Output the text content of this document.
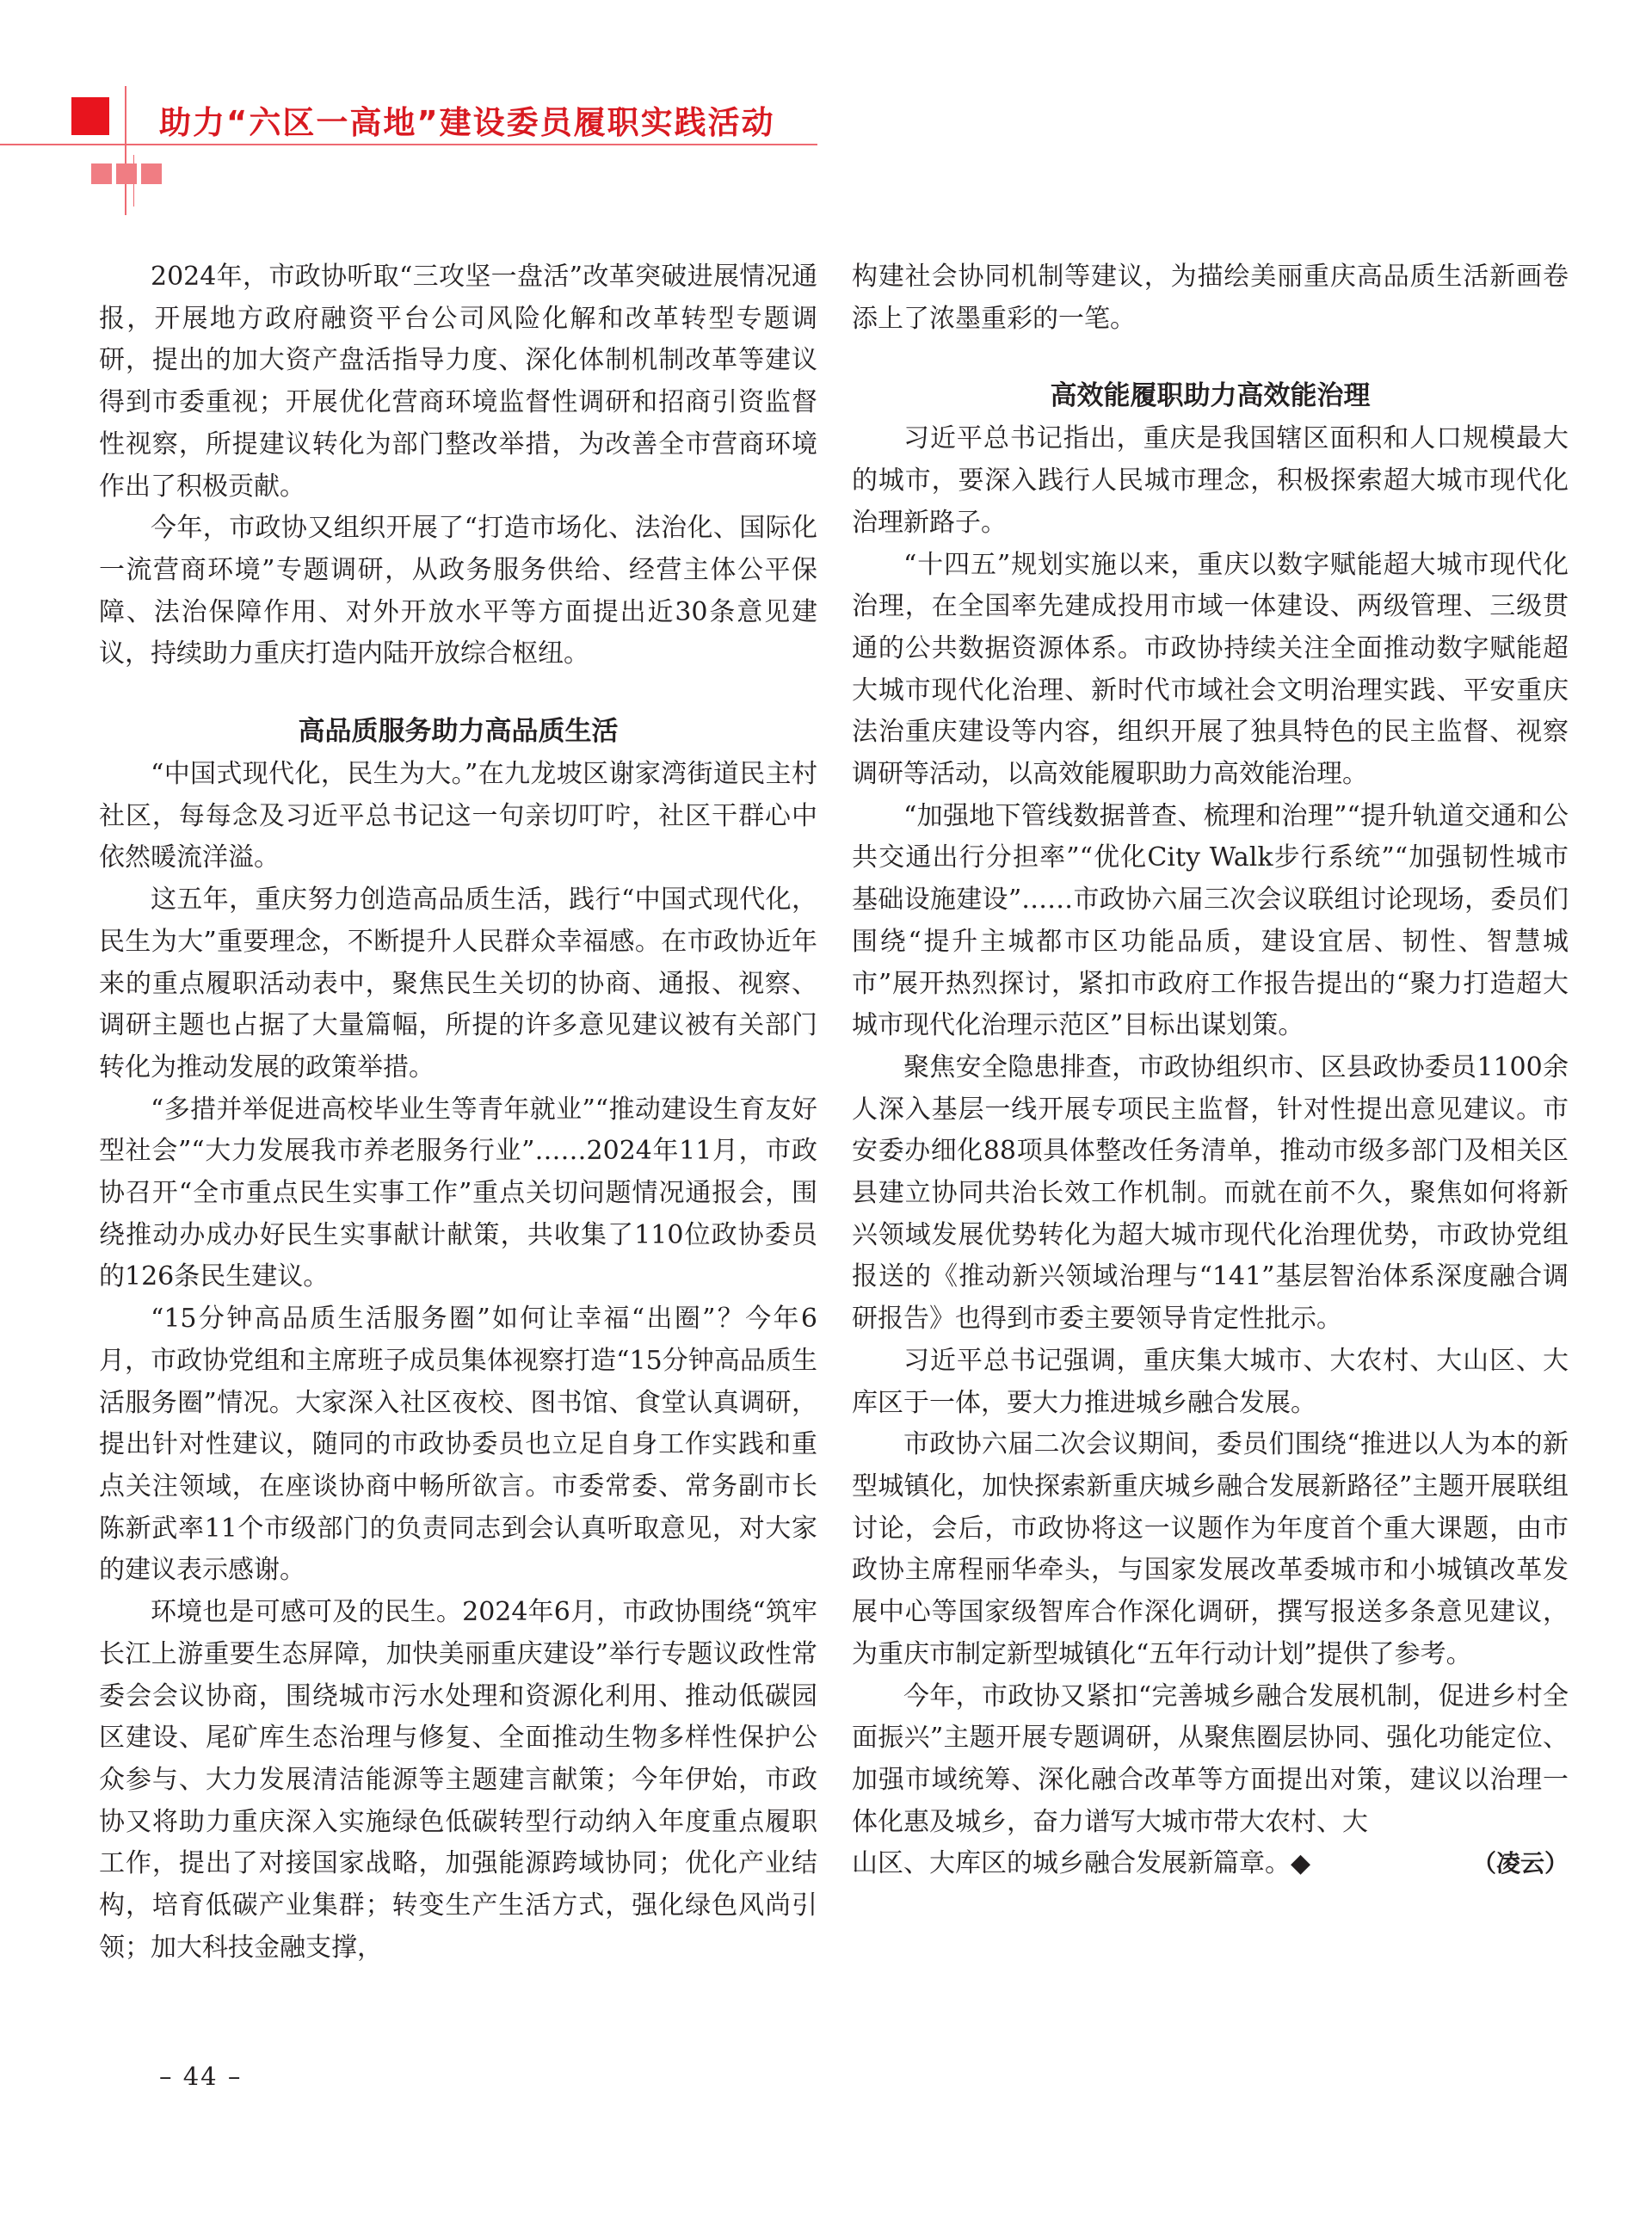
助力“六区一高地”建设委员履职实践活动

2024年，市政协听取“三攻坚一盘活”改革突破进展情况通报，开展地方政府融资平台公司风险化解和改革转型专题调研，提出的加大资产盘活指导力度、深化体制机制改革等建议得到市委重视；开展优化营商环境监督性调研和招商引资监督性视察，所提建议转化为部门整改举措，为改善全市营商环境作出了积极贡献。

今年，市政协又组织开展了“打造市场化、法治化、国际化一流营商环境”专题调研，从政务服务供给、经营主体公平保障、法治保障作用、对外开放水平等方面提出近30条意见建议，持续助力重庆打造内陆开放综合枢纽。

高品质服务助力高品质生活

“中国式现代化，民生为大。”在九龙坡区谢家湾街道民主村社区，每每念及习近平总书记这一句亲切叮咛，社区干群心中依然暖流洋溢。

这五年，重庆努力创造高品质生活，践行“中国式现代化，民生为大”重要理念，不断提升人民群众幸福感。在市政协近年来的重点履职活动表中，聚焦民生关切的协商、通报、视察、调研主题也占据了大量篇幅，所提的许多意见建议被有关部门转化为推动发展的政策举措。

“多措并举促进高校毕业生等青年就业”“推动建设生育友好型社会”“大力发展我市养老服务行业”……2024年11月，市政协召开“全市重点民生实事工作”重点关切问题情况通报会，围绕推动办成办好民生实事献计献策，共收集了110位政协委员的126条民生建议。

“15分钟高品质生活服务圈”如何让幸福“出圈”？今年6月，市政协党组和主席班子成员集体视察打造“15分钟高品质生活服务圈”情况。大家深入社区夜校、图书馆、食堂认真调研，提出针对性建议，随同的市政协委员也立足自身工作实践和重点关注领域，在座谈协商中畅所欲言。市委常委、常务副市长陈新武率11个市级部门的负责同志到会认真听取意见，对大家的建议表示感谢。

环境也是可感可及的民生。2024年6月，市政协围绕“筑牢长江上游重要生态屏障，加快美丽重庆建设”举行专题议政性常委会会议协商，围绕城市污水处理和资源化利用、推动低碳园区建设、尾矿库生态治理与修复、全面推动生物多样性保护公众参与、大力发展清洁能源等主题建言献策；今年伊始，市政协又将助力重庆深入实施绿色低碳转型行动纳入年度重点履职工作，提出了对接国家战略，加强能源跨域协同；优化产业结构，培育低碳产业集群；转变生产生活方式，强化绿色风尚引领；加大科技金融支撑，

构建社会协同机制等建议，为描绘美丽重庆高品质生活新画卷添上了浓墨重彩的一笔。

高效能履职助力高效能治理

习近平总书记指出，重庆是我国辖区面积和人口规模最大的城市，要深入践行人民城市理念，积极探索超大城市现代化治理新路子。

“十四五”规划实施以来，重庆以数字赋能超大城市现代化治理，在全国率先建成投用市域一体建设、两级管理、三级贯通的公共数据资源体系。市政协持续关注全面推动数字赋能超大城市现代化治理、新时代市域社会文明治理实践、平安重庆法治重庆建设等内容，组织开展了独具特色的民主监督、视察调研等活动，以高效能履职助力高效能治理。

“加强地下管线数据普查、梳理和治理”“提升轨道交通和公共交通出行分担率”“优化City Walk步行系统”“加强韧性城市基础设施建设”……市政协六届三次会议联组讨论现场，委员们围绕“提升主城都市区功能品质，建设宜居、韧性、智慧城市”展开热烈探讨，紧扣市政府工作报告提出的“聚力打造超大城市现代化治理示范区”目标出谋划策。

聚焦安全隐患排查，市政协组织市、区县政协委员1100余人深入基层一线开展专项民主监督，针对性提出意见建议。市安委办细化88项具体整改任务清单，推动市级多部门及相关区县建立协同共治长效工作机制。而就在前不久，聚焦如何将新兴领域发展优势转化为超大城市现代化治理优势，市政协党组报送的《推动新兴领域治理与“141”基层智治体系深度融合调研报告》也得到市委主要领导肯定性批示。

习近平总书记强调，重庆集大城市、大农村、大山区、大库区于一体，要大力推进城乡融合发展。

市政协六届二次会议期间，委员们围绕“推进以人为本的新型城镇化，加快探索新重庆城乡融合发展新路径”主题开展联组讨论，会后，市政协将这一议题作为年度首个重大课题，由市政协主席程丽华牵头，与国家发展改革委城市和小城镇改革发展中心等国家级智库合作深化调研，撰写报送多条意见建议，为重庆市制定新型城镇化“五年行动计划”提供了参考。

今年，市政协又紧扣“完善城乡融合发展机制，促进乡村全面振兴”主题开展专题调研，从聚焦圈层协同、强化功能定位、加强市域统筹、深化融合改革等方面提出对策，建议以治理一体化惠及城乡，奋力谱写大城市带大农村、大

山区、大库区的城乡融合发展新篇章。◆	（凌云）
– 44 –
